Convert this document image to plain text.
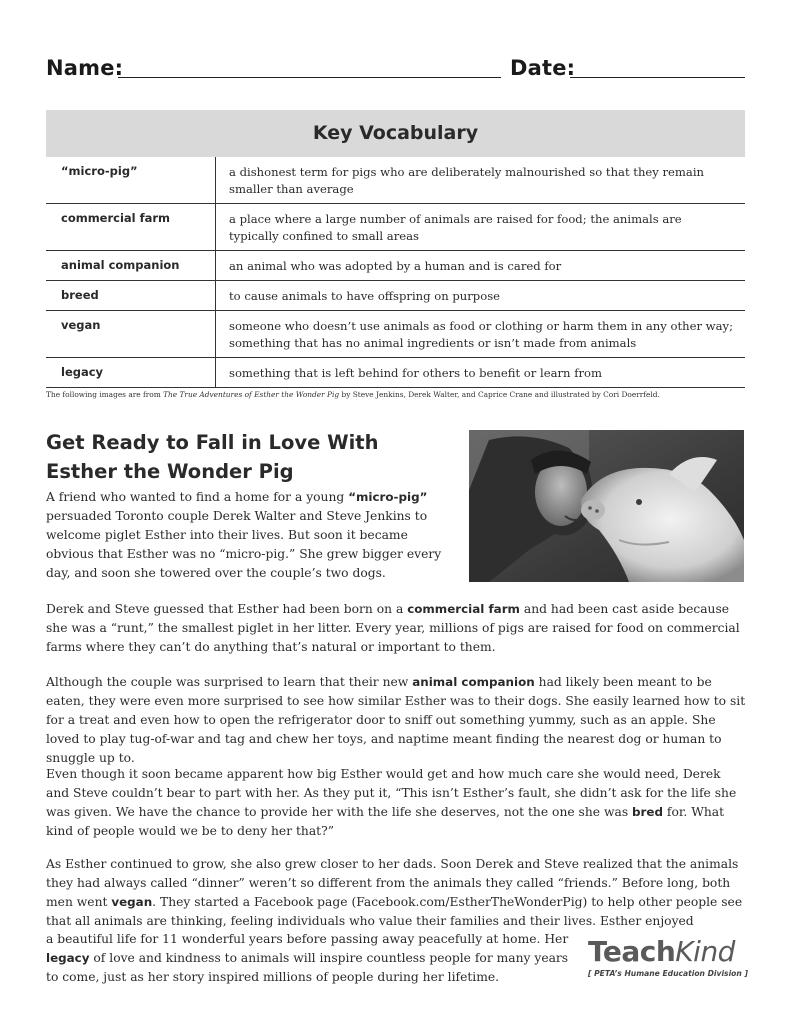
Name:	Date:
Key Vocabulary
“micro-pig”	a dishonest term for pigs who are deliberately malnourished so that they remain smaller than average
commercial farm	a place where a large number of animals are raised for food; the animals are typically confined to small areas
animal companion	an animal who was adopted by a human and is cared for
breed	to cause animals to have offspring on purpose
vegan	someone who doesn’t use animals as food or clothing or harm them in any other way; something that has no animal ingredients or isn’t made from animals
legacy	something that is left behind for others to benefit or learn from
The following images are from The True Adventures of Esther the Wonder Pig by Steve Jenkins, Derek Walter, and Caprice Crane and illustrated by Cori Doerrfeld.
Get Ready to Fall in Love With Esther the Wonder Pig

A friend who wanted to find a home for a young “micro-pig” persuaded Toronto couple Derek Walter and Steve Jenkins to welcome piglet Esther into their lives. But soon it became obvious that Esther was no “micro-pig.” She grew bigger every day, and soon she towered over the couple’s two dogs.

Derek and Steve guessed that Esther had been born on a commercial farm and had been cast aside because she was a “runt,” the smallest piglet in her litter. Every year, millions of pigs are raised for food on commercial farms where they can’t do anything that’s natural or important to them.

Although the couple was surprised to learn that their new animal companion had likely been meant to be eaten, they were even more surprised to see how similar Esther was to their dogs. She easily learned how to sit for a treat and even how to open the refrigerator door to sniff out something yummy, such as an apple. She loved to play tug-of-war and tag and chew her toys, and naptime meant finding the nearest dog or human to snuggle up to.

Even though it soon became apparent how big Esther would get and how much care she would need, Derek and Steve couldn’t bear to part with her. As they put it, “This isn’t Esther’s fault, she didn’t ask for the life she was given. We have the chance to provide her with the life she deserves, not the one she was bred for. What kind of people would we be to deny her that?”

As Esther continued to grow, she also grew closer to her dads. Soon Derek and Steve realized that the animals they had always called “dinner” weren’t so different from the animals they called “friends.” Before long, both men went vegan. They started a Facebook page (Facebook.com/EstherTheWonderPig) to help other people see that all animals are thinking, feeling individuals who value their families and their lives. Esther enjoyed

a beautiful life for 11 wonderful years before passing away peacefully at home. Her
legacy of love and kindness to animals will inspire countless people for many years
to come, just as her story inspired millions of people during her lifetime.

TeachKind
[ PETA’s Humane Education Division ]
